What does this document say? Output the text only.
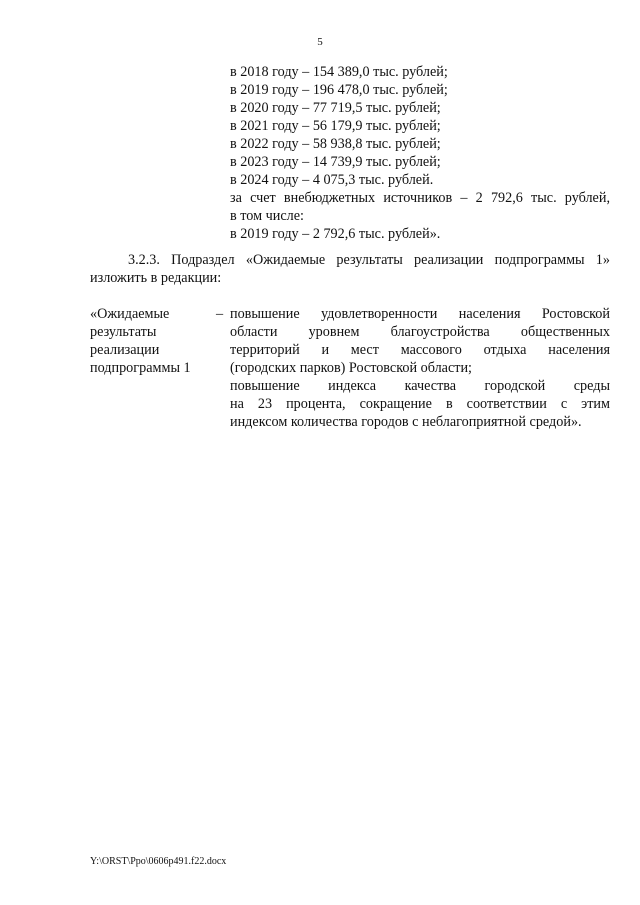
5
в 2018 году – 154 389,0 тыс. рублей;
в 2019 году – 196 478,0 тыс. рублей;
в 2020 году – 77 719,5 тыс. рублей;
в 2021 году – 56 179,9 тыс. рублей;
в 2022 году – 58 938,8 тыс. рублей;
в 2023 году – 14 739,9 тыс. рублей;
в 2024 году – 4 075,3 тыс. рублей.
за счет внебюджетных источников – 2 792,6 тыс. рублей,
в том числе:
в 2019 году – 2 792,6 тыс. рублей».
3.2.3. Подраздел «Ожидаемые результаты реализации подпрограммы 1»
изложить в редакции:
«Ожидаемые
результаты
реализации
подпрограммы 1
– повышение удовлетворенности населения Ростовской
области уровнем благоустройства общественных
территорий и мест массового отдыха населения
(городских парков) Ростовской области;
повышение индекса качества городской среды
на 23 процента, сокращение в соответствии с этим
индексом количества городов с неблагоприятной средой».
Y:\ORST\Ppo\0606p491.f22.docx
